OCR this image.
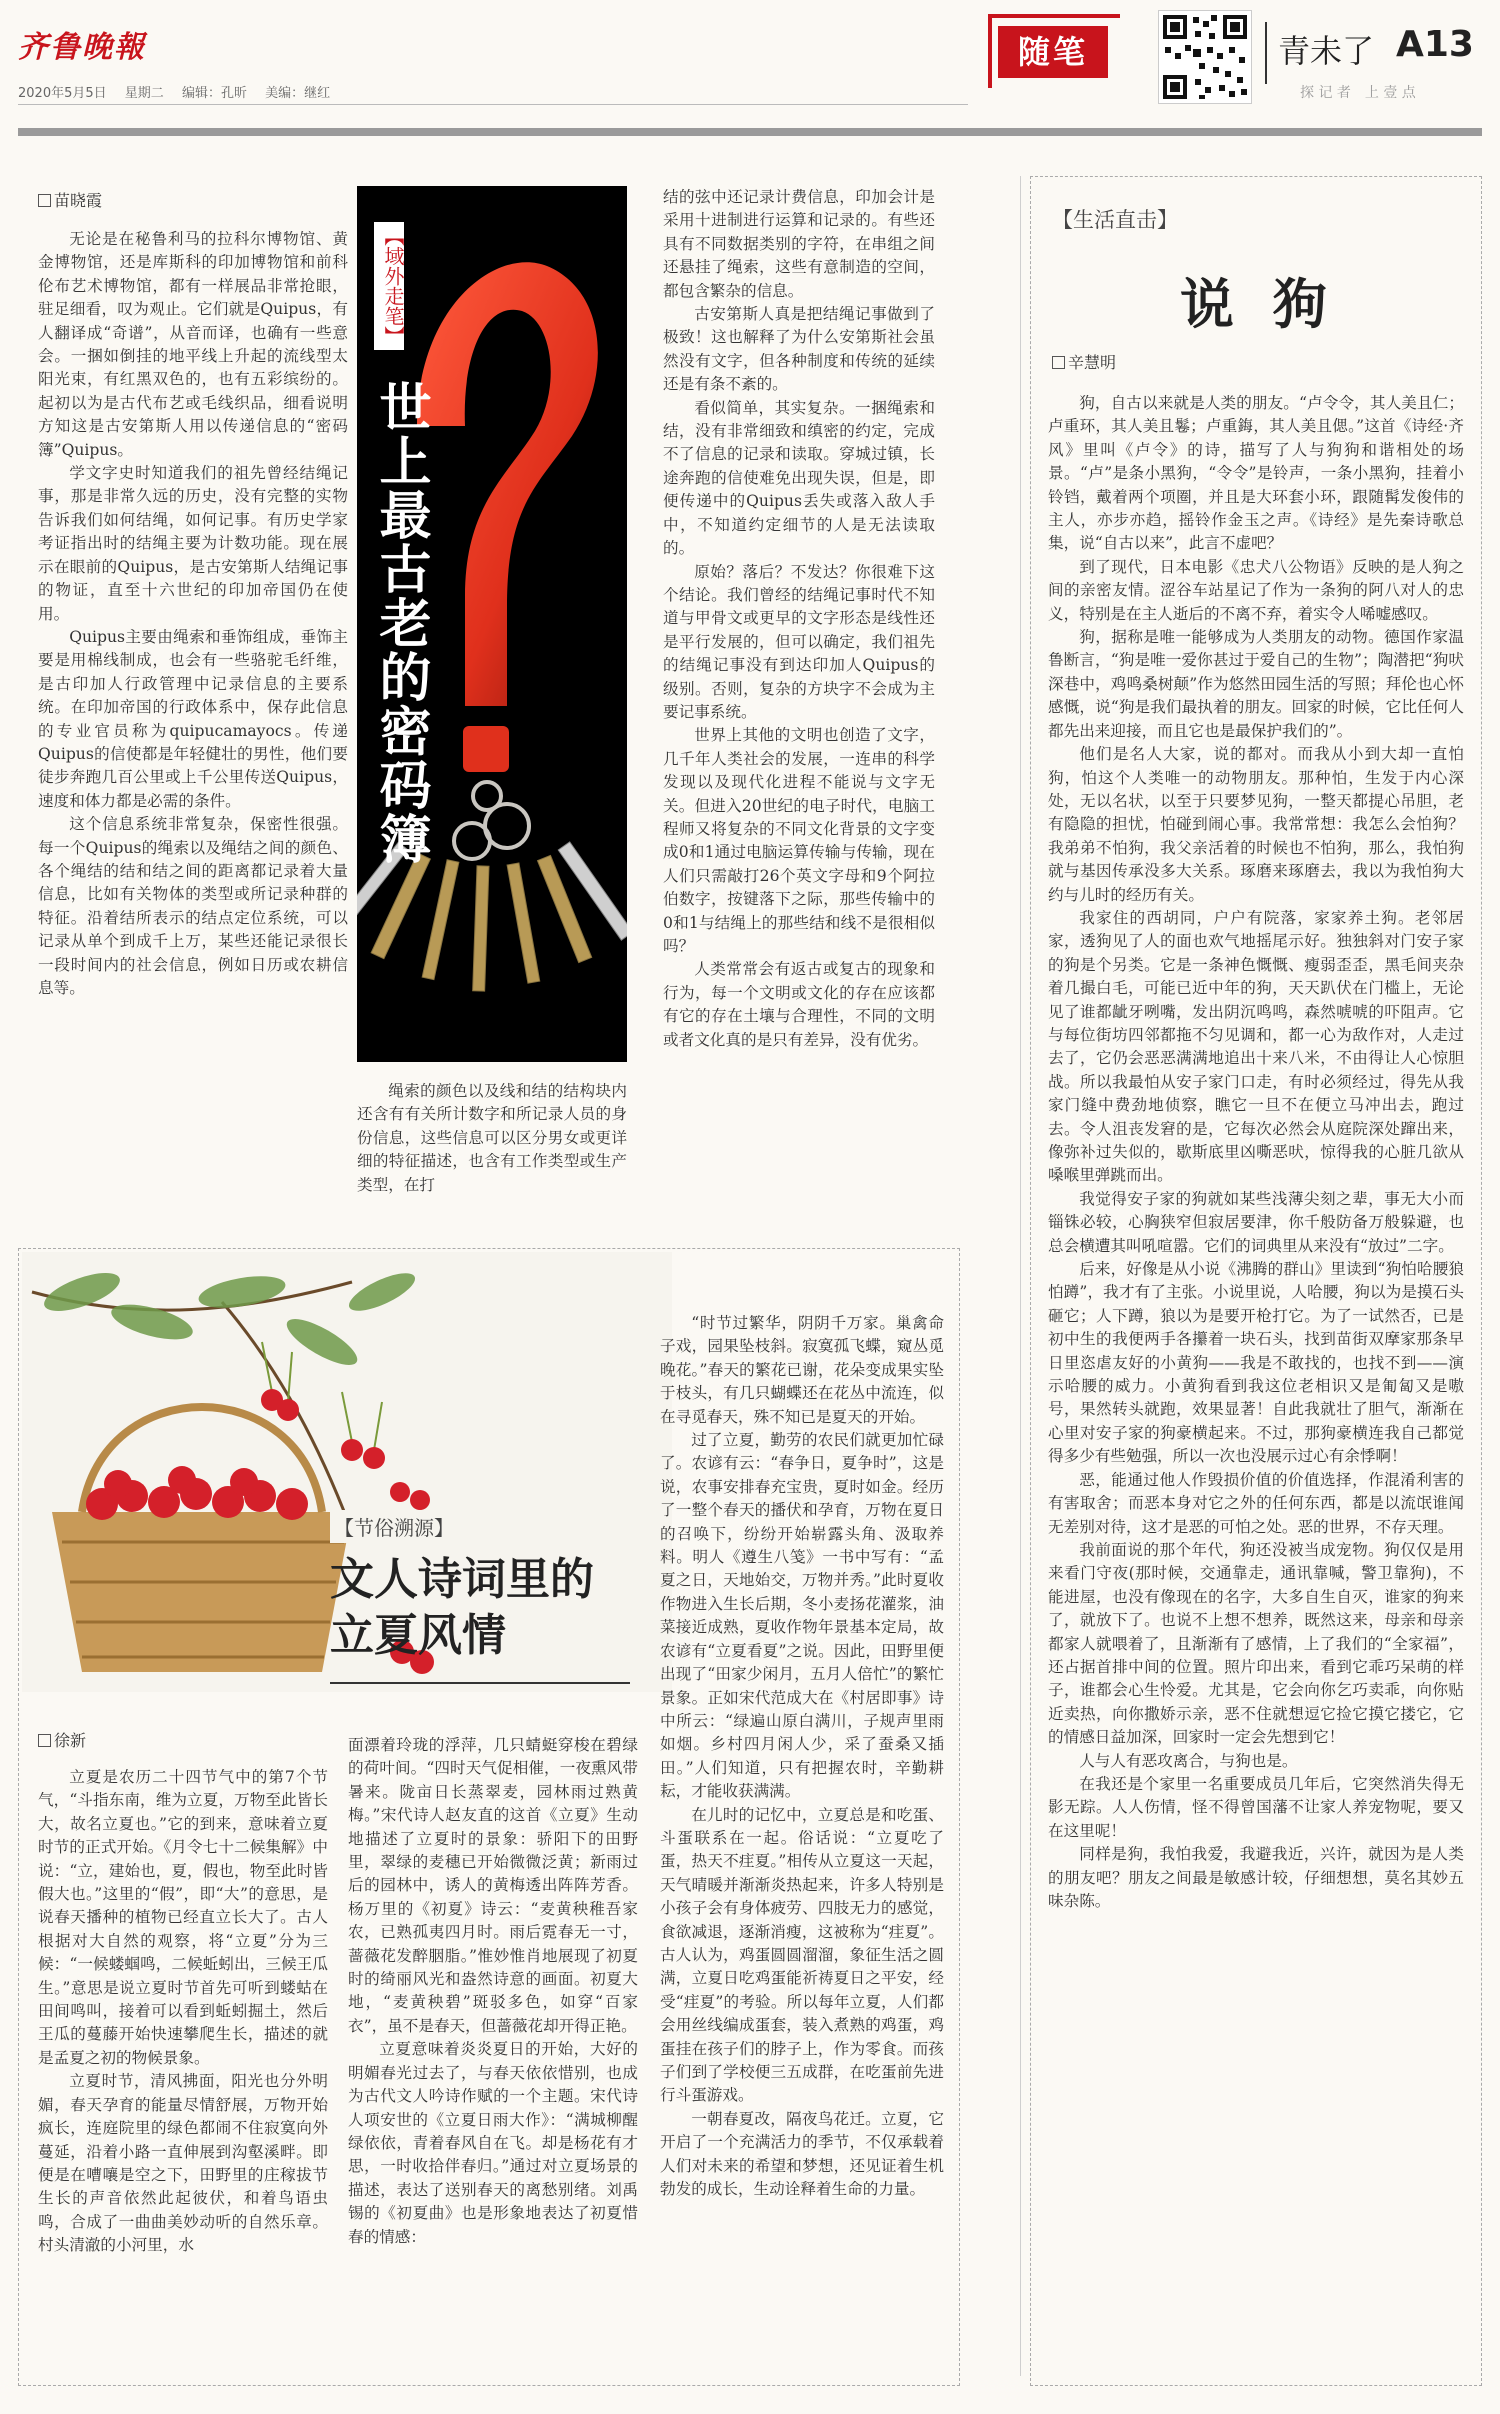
齐鲁晚報
2020年5月5日 星期二 编辑：孔昕 美编：继红
随笔	青未了 A13
探 记 者　上 壹 点
苗晓霞

无论是在秘鲁利马的拉科尔博物馆、黄金博物馆，还是库斯科的印加博物馆和前科伦布艺术博物馆，都有一样展品非常抢眼，驻足细看，叹为观止。它们就是Quipus，有人翻译成“奇谱”，从音而译，也确有一些意会。一捆如倒挂的地平线上升起的流线型太阳光束，有红黑双色的，也有五彩缤纷的。起初以为是古代布艺或毛线织品，细看说明方知这是古安第斯人用以传递信息的“密码簿”Quipus。

学文字史时知道我们的祖先曾经结绳记事，那是非常久远的历史，没有完整的实物告诉我们如何结绳，如何记事。有历史学家考证指出时的结绳主要为计数功能。现在展示在眼前的Quipus，是古安第斯人结绳记事的物证，直至十六世纪的印加帝国仍在使用。

Quipus主要由绳索和垂饰组成，垂饰主要是用棉线制成，也会有一些骆驼毛纤维，是古印加人行政管理中记录信息的主要系统。在印加帝国的行政体系中，保存此信息的专业官员称为quipucamayocs。传递Quipus的信使都是年轻健壮的男性，他们要徒步奔跑几百公里或上千公里传送Quipus，速度和体力都是必需的条件。

这个信息系统非常复杂，保密性很强。每一个Quipus的绳索以及绳结之间的颜色、各个绳结的结和结之间的距离都记录着大量信息，比如有关物体的类型或所记录种群的特征。沿着结所表示的结点定位系统，可以记录从单个到成千上万，某些还能记录很长一段时间内的社会信息，例如日历或农耕信息等。

【域外走笔】
世上最古老的密码簿

绳索的颜色以及线和结的结构块内还含有有关所计数字和所记录人员的身份信息，这些信息可以区分男女或更详细的特征描述，也含有工作类型或生产类型，在打

结的弦中还记录计费信息，印加会计是采用十进制进行运算和记录的。有些还具有不同数据类别的字符，在串组之间还悬挂了绳索，这些有意制造的空间，都包含繁杂的信息。

古安第斯人真是把结绳记事做到了极致！这也解释了为什么安第斯社会虽然没有文字，但各种制度和传统的延续还是有条不紊的。

看似简单，其实复杂。一捆绳索和结，没有非常细致和缜密的约定，完成不了信息的记录和读取。穿城过镇，长途奔跑的信使难免出现失误，但是，即便传递中的Quipus丢失或落入敌人手中，不知道约定细节的人是无法读取的。

原始？落后？不发达？你很难下这个结论。我们曾经的结绳记事时代不知道与甲骨文或更早的文字形态是线性还是平行发展的，但可以确定，我们祖先的结绳记事没有到达印加人Quipus的级别。否则，复杂的方块字不会成为主要记事系统。

世界上其他的文明也创造了文字，几千年人类社会的发展，一连串的科学发现以及现代化进程不能说与文字无关。但进入20世纪的电子时代，电脑工程师又将复杂的不同文化背景的文字变成0和1通过电脑运算传输与传输，现在人们只需敲打26个英文字母和9个阿拉伯数字，按键落下之际，那些传输中的0和1与结绳上的那些结和线不是很相似吗？

人类常常会有返古或复古的现象和行为，每一个文明或文化的存在应该都有它的存在土壤与合理性，不同的文明或者文化真的是只有差异，没有优劣。

【生活直击】
说 狗
辛慧明

狗，自古以来就是人类的朋友。“卢令令，其人美且仁；卢重环，其人美且鬈；卢重鋂，其人美且偲。”这首《诗经·齐风》里叫《卢令》的诗，描写了人与狗狗和谐相处的场景。“卢”是条小黑狗，“令令”是铃声，一条小黑狗，挂着小铃铛，戴着两个项圈，并且是大环套小环，跟随髯发俊伟的主人，亦步亦趋，摇铃作金玉之声。《诗经》是先秦诗歌总集，说“自古以来”，此言不虚吧？

到了现代，日本电影《忠犬八公物语》反映的是人狗之间的亲密友情。涩谷车站星记了作为一条狗的阿八对人的忠义，特别是在主人逝后的不离不弃，着实令人唏嘘感叹。

狗，据称是唯一能够成为人类朋友的动物。德国作家温鲁断言，“狗是唯一爱你甚过于爱自己的生物”；陶潜把“狗吠深巷中，鸡鸣桑树颠”作为悠然田园生活的写照；拜伦也心怀感慨，说“狗是我们最执着的朋友。回家的时候，它比任何人都先出来迎接，而且它也是最保护我们的”。

他们是名人大家，说的都对。而我从小到大却一直怕狗，怕这个人类唯一的动物朋友。那种怕，生发于内心深处，无以名状，以至于只要梦见狗，一整天都提心吊胆，老有隐隐的担忧，怕碰到闹心事。我常常想：我怎么会怕狗？我弟弟不怕狗，我父亲活着的时候也不怕狗，那么，我怕狗就与基因传承没多大关系。琢磨来琢磨去，我以为我怕狗大约与儿时的经历有关。

我家住的西胡同，户户有院落，家家养土狗。老邻居家，透狗见了人的面也欢气地摇尾示好。独独斜对门安子家的狗是个另类。它是一条神色慨慨、瘦弱歪歪，黑毛间夹杂着几撮白毛，可能已近中年的狗，天天趴伏在门槛上，无论见了谁都龇牙咧嘴，发出阴沉鸣鸣，森然唬唬的吓阻声。它与每位街坊四邻都拖不匀见调和，都一心为敌作对，人走过去了，它仍会恶恶满满地追出十来八米，不由得让人心惊胆战。所以我最怕从安子家门口走，有时必须经过，得先从我家门缝中费劲地侦察，瞧它一旦不在便立马冲出去，跑过去。令人沮丧发窘的是，它每次必然会从庭院深处蹿出来，像弥补过失似的，歇斯底里凶嘶恶吠，惊得我的心脏几欲从嗓喉里弹跳而出。

我觉得安子家的狗就如某些浅薄尖刻之辈，事无大小而锱铢必较，心胸狭窄但寂居要津，你千般防备万般躲避，也总会横遭其叫吼喧嚣。它们的词典里从来没有“放过”二字。

后来，好像是从小说《沸腾的群山》里读到“狗怕哈腰狼怕蹲”，我才有了主张。小说里说，人哈腰，狗以为是摸石头砸它；人下蹲，狼以为是要开枪打它。为了一试然否，已是初中生的我便两手各攥着一块石头，找到苗街双摩家那条早日里恣虐友好的小黄狗——我是不敢找的，也找不到——演示哈腰的威力。小黄狗看到我这位老相识又是匍匐又是嗷号，果然转头就跑，效果显著！自此我就壮了胆气，渐渐在心里对安子家的狗豪横起来。不过，那狗豪横连我自己都觉得多少有些勉强，所以一次也没展示过心有余悸啊！

恶，能通过他人作毁损价值的价值选择，作混淆利害的有害取舍；而恶本身对它之外的任何东西，都是以流氓谁闻无差别对待，这才是恶的可怕之处。恶的世界，不存天理。

我前面说的那个年代，狗还没被当成宠物。狗仅仅是用来看门守夜(那时候，交通靠走，通讯靠喊，警卫靠狗)，不能进屋，也没有像现在的名字，大多自生自灭，谁家的狗来了，就放下了。也说不上想不想养，既然这来，母亲和母亲都家人就喂着了，且渐渐有了感情，上了我们的“全家福”，还占据首排中间的位置。照片印出来，看到它乖巧呆萌的样子，谁都会心生怜爱。尤其是，它会向你乞巧卖乖，向你贴近卖热，向你撒娇示亲，恶不住就想逗它捡它摸它搂它，它的情感日益加深，回家时一定会先想到它！

人与人有恶攻离合，与狗也是。

在我还是个家里一名重要成员几年后，它突然消失得无影无踪。人人伤情，怪不得曾国藩不让家人养宠物呢，要又在这里呢！

同样是狗，我怕我爱，我避我近，兴许，就因为是人类的朋友吧？朋友之间最是敏感计较，仔细想想，莫名其妙五味杂陈。

【节俗溯源】
文人诗词里的
立夏风情
徐新

立夏是农历二十四节气中的第7个节气，“斗指东南，维为立夏，万物至此皆长大，故名立夏也。”它的到来，意味着立夏时节的正式开始。《月令七十二候集解》中说：“立，建始也，夏，假也，物至此时皆假大也。”这里的“假”，即“大”的意思，是说春天播种的植物已经直立长大了。古人根据对大自然的观察，将“立夏”分为三候：“一候蝼蝈鸣，二候蚯蚓出，三候王瓜生。”意思是说立夏时节首先可听到蝼蛄在田间鸣叫，接着可以看到蚯蚓掘土，然后王瓜的蔓藤开始快速攀爬生长，描述的就是孟夏之初的物候景象。

立夏时节，清风拂面，阳光也分外明媚，春天孕育的能量尽情舒展，万物开始疯长，连庭院里的绿色都闹不住寂寞向外蔓延，沿着小路一直伸展到沟壑溪畔。即便是在嘈嚷是空之下，田野里的庄稼拔节生长的声音依然此起彼伏，和着鸟语虫鸣，合成了一曲曲美妙动听的自然乐章。村头清澈的小河里，水

面漂着玲珑的浮萍，几只蜻蜓穿梭在碧绿的荷叶间。“四时天气促相催，一夜熏风带暑来。陇亩日长蒸翠麦，园林雨过熟黄梅。”宋代诗人赵友直的这首《立夏》生动地描述了立夏时的景象：骄阳下的田野里，翠绿的麦穗已开始微微泛黄；新雨过后的园林中，诱人的黄梅透出阵阵芳香。杨万里的《初夏》诗云：“麦黄秧稚吾家农，已熟孤夷四月时。雨后霓春无一寸，蔷薇花发醉胭脂。”惟妙惟肖地展现了初夏时的绮丽风光和盎然诗意的画面。初夏大地，“麦黄秧碧”斑驳多色，如穿“百家衣”，虽不是春天，但蔷薇花却开得正艳。

立夏意味着炎炎夏日的开始，大好的明媚春光过去了，与春天依依惜别，也成为古代文人吟诗作赋的一个主题。宋代诗人项安世的《立夏日雨大作》：“满城柳醒绿依依，青着春风自在飞。却是杨花有才思，一时收拾伴春归。”通过对立夏场景的描述，表达了送别春天的离愁别绪。刘禹锡的《初夏曲》也是形象地表达了初夏惜春的情感：

“时节过繁华，阴阴千万家。巢禽命子戏，园果坠枝斜。寂寞孤飞蝶，窥丛觅晚花。”春天的繁花已谢，花朵变成果实坠于枝头，有几只蝴蝶还在花丛中流连，似在寻觅春天，殊不知已是夏天的开始。

过了立夏，勤劳的农民们就更加忙碌了。农谚有云：“春争日，夏争时”，这是说，农事安排春充宝贵，夏时如金。经历了一整个春天的播伏和孕育，万物在夏日的召唤下，纷纷开始崭露头角、汲取养料。明人《遵生八笺》一书中写有：“孟夏之日，天地始交，万物并秀。”此时夏收作物进入生长后期，冬小麦扬花灌浆，油菜接近成熟，夏收作物年景基本定局，故农谚有“立夏看夏”之说。因此，田野里便出现了“田家少闲月，五月人倍忙”的繁忙景象。正如宋代范成大在《村居即事》诗中所云：“绿遍山原白满川，子规声里雨如烟。乡村四月闲人少，采了蚕桑又插田。”人们知道，只有把握农时，辛勤耕耘，才能收获满满。

在儿时的记忆中，立夏总是和吃蛋、斗蛋联系在一起。俗话说：“立夏吃了蛋，热天不疰夏。”相传从立夏这一天起，天气晴暖并渐渐炎热起来，许多人特别是小孩子会有身体疲劳、四肢无力的感觉，食欲减退，逐渐消瘦，这被称为“疰夏”。古人认为，鸡蛋圆圆溜溜，象征生活之圆满，立夏日吃鸡蛋能祈祷夏日之平安，经受“疰夏”的考验。所以每年立夏，人们都会用丝线编成蛋套，装入煮熟的鸡蛋，鸡蛋挂在孩子们的脖子上，作为零食。而孩子们到了学校便三五成群，在吃蛋前先进行斗蛋游戏。

一朝春夏改，隔夜鸟花迁。立夏，它开启了一个充满活力的季节，不仅承载着人们对未来的希望和梦想，还见证着生机勃发的成长，生动诠释着生命的力量。
